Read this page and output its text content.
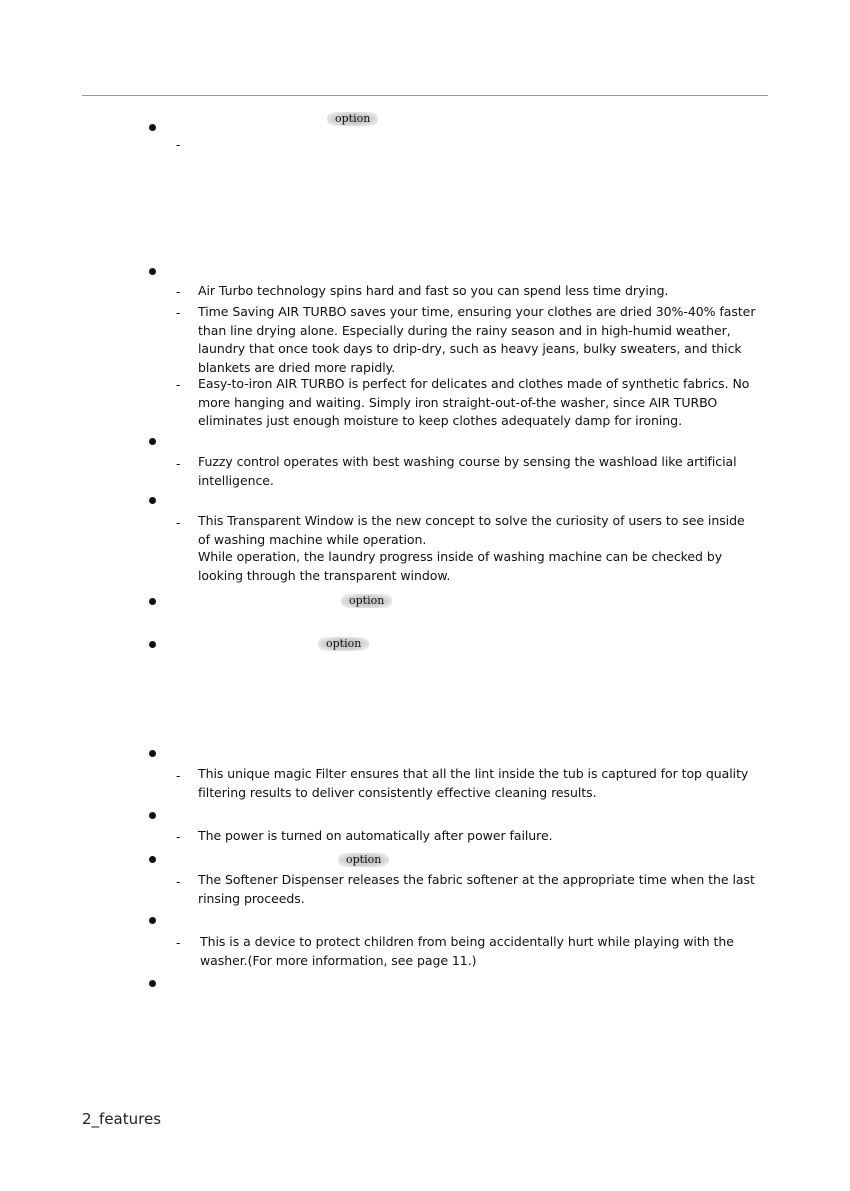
option
-
- Air Turbo technology spins hard and fast so you can spend less time drying.
- Time Saving AIR TURBO saves your time, ensuring your clothes are dried 30%-40% faster than line drying alone. Especially during the rainy season and in high-humid weather, laundry that once took days to drip-dry, such as heavy jeans, bulky sweaters, and thick blankets are dried more rapidly.
- Easy-to-iron AIR TURBO is perfect for delicates and clothes made of synthetic fabrics. No more hanging and waiting. Simply iron straight-out-of-the washer, since AIR TURBO eliminates just enough moisture to keep clothes adequately damp for ironing.
- Fuzzy control operates with best washing course by sensing the washload like artificial intelligence.
- This Transparent Window is the new concept to solve the curiosity of users to see inside of washing machine while operation.
While operation, the laundry progress inside of washing machine can be checked by looking through the transparent window.
option
option
- This unique magic Filter ensures that all the lint inside the tub is captured for top quality filtering results to deliver consistently effective cleaning results.
- The power is turned on automatically after power failure.
option
- The Softener Dispenser releases the fabric softener at the appropriate time when the last rinsing proceeds.
- This is a device to protect children from being accidentally hurt while playing with the washer.(For more information, see page 11.)
2_features
